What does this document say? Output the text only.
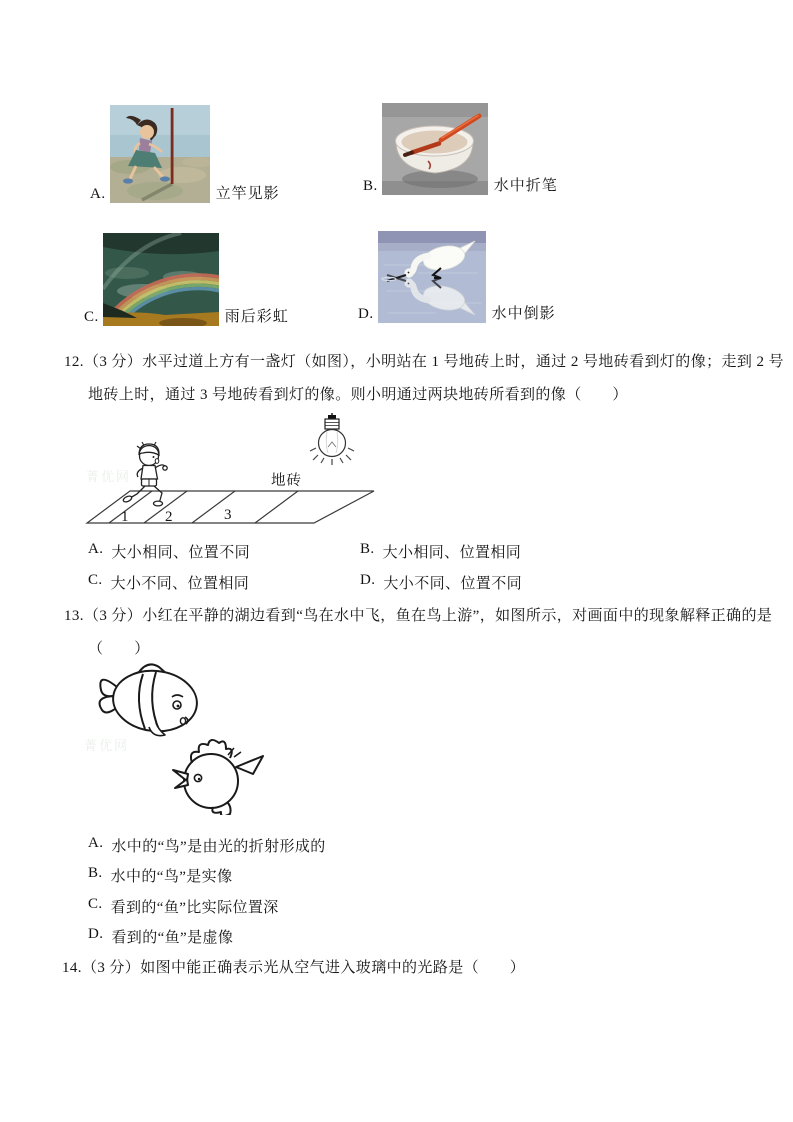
A.	立竿见影	B.	水中折笔
C.	雨后彩虹	D.	水中倒影
12.（3 分）水平过道上方有一盏灯（如图），小明站在 1 号地砖上时，通过 2 号地砖看到灯的像；走到 2 号
地砖上时，通过 3 号地砖看到灯的像。则小明通过两块地砖所看到的像（　　）
菁优网
1 2	3
地砖
A. 大小相同、位置不同	B. 大小相同、位置相同
C. 大小不同、位置相同	D. 大小不同、位置不同
13.（3 分）小红在平静的湖边看到“鸟在水中飞，鱼在鸟上游”，如图所示，对画面中的现象解释正确的是
（　　）
菁优网
A. 水中的“鸟”是由光的折射形成的
B. 水中的“鸟”是实像
C. 看到的“鱼”比实际位置深
D. 看到的“鱼”是虚像
14.（3 分）如图中能正确表示光从空气进入玻璃中的光路是（　　）
